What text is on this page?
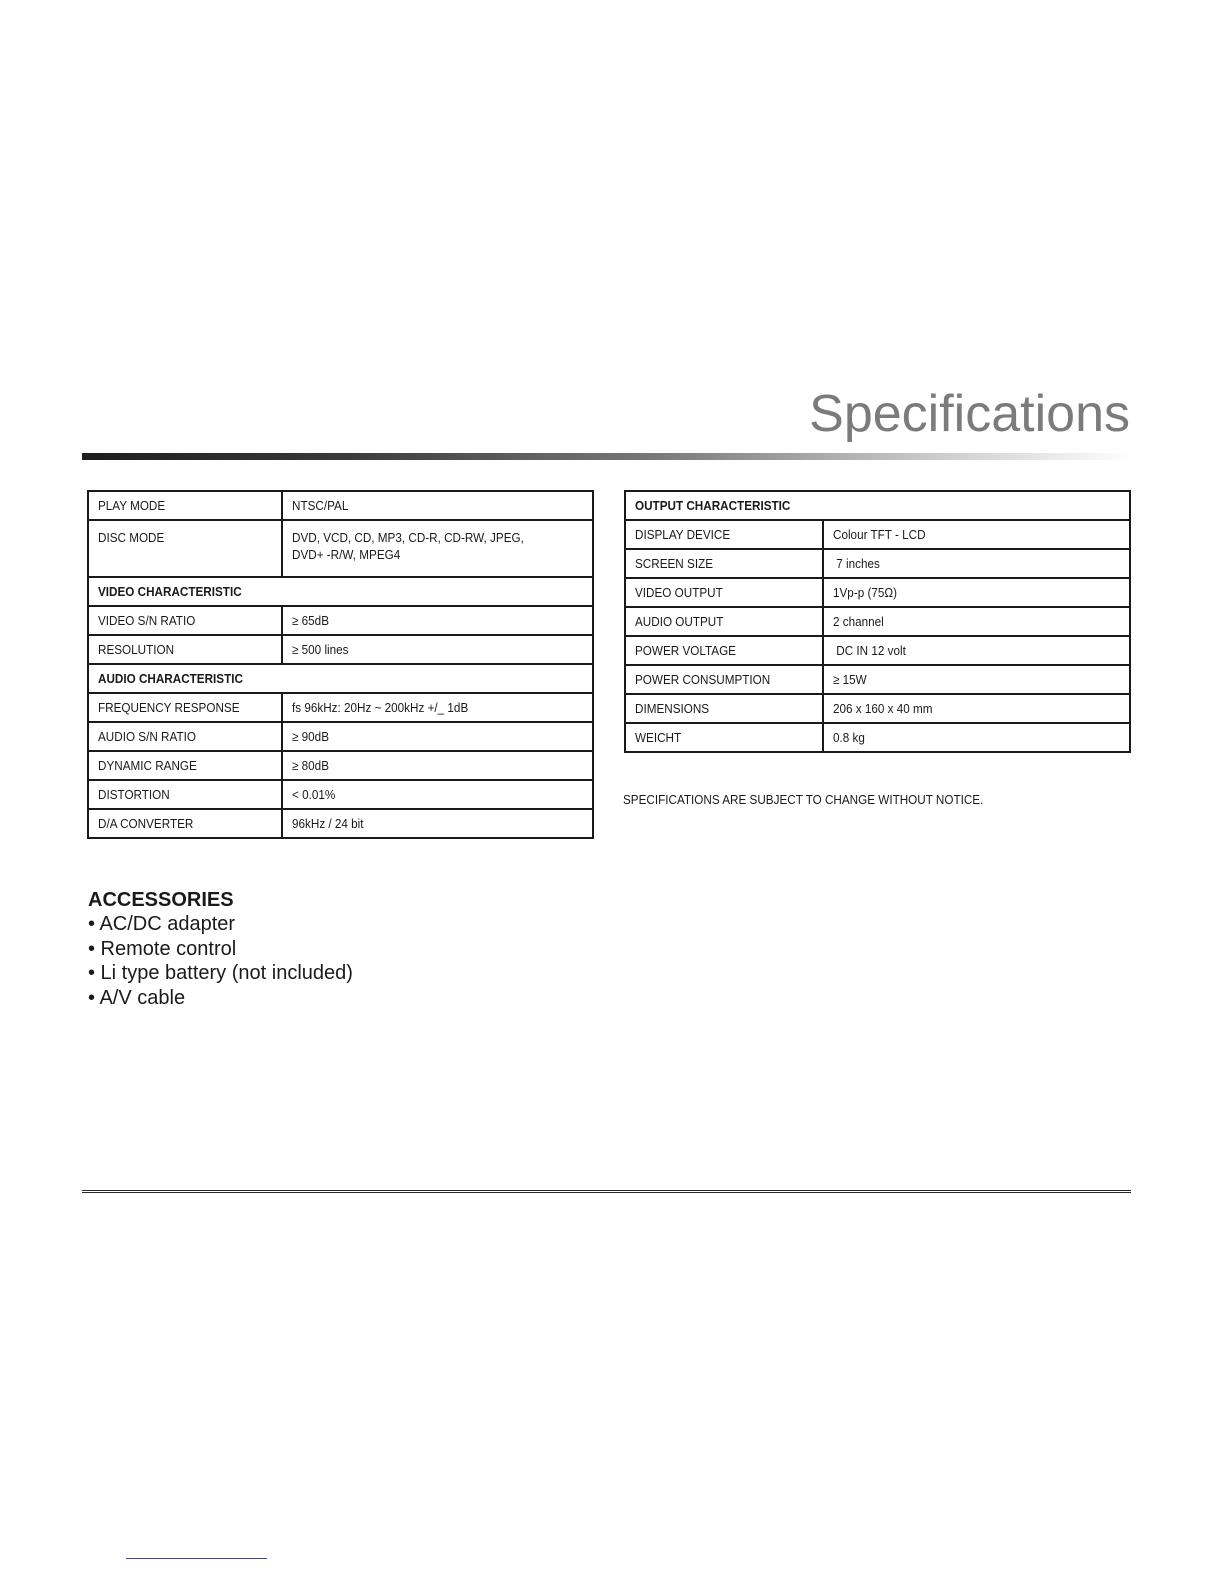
Specifications
PLAY MODE	NTSC/PAL
DISC MODE	DVD, VCD, CD, MP3, CD-R, CD-RW, JPEG, DVD+ -R/W, MPEG4
VIDEO CHARACTERISTIC	
VIDEO S/N RATIO	≥ 65dB
RESOLUTION	≥ 500 lines
AUDIO CHARACTERISTIC	
FREQUENCY RESPONSE	fs 96kHz: 20Hz ~ 200kHz +/_ 1dB
AUDIO S/N RATIO	≥ 90dB
DYNAMIC RANGE	≥ 80dB
DISTORTION	< 0.01%
D/A CONVERTER	96kHz / 24 bit
OUTPUT CHARACTERISTIC	
DISPLAY DEVICE	Colour TFT - LCD
SCREEN SIZE	7 inches
VIDEO OUTPUT	1Vp-p (75Ω)
AUDIO OUTPUT	2 channel
POWER VOLTAGE	DC IN 12 volt
POWER CONSUMPTION	≥ 15W
DIMENSIONS	206 x 160 x 40 mm
WEICHT	0.8 kg
SPECIFICATIONS ARE SUBJECT TO CHANGE WITHOUT NOTICE.
ACCESSORIES
• AC/DC adapter
• Remote control
• Li type battery (not included)
• A/V cable
